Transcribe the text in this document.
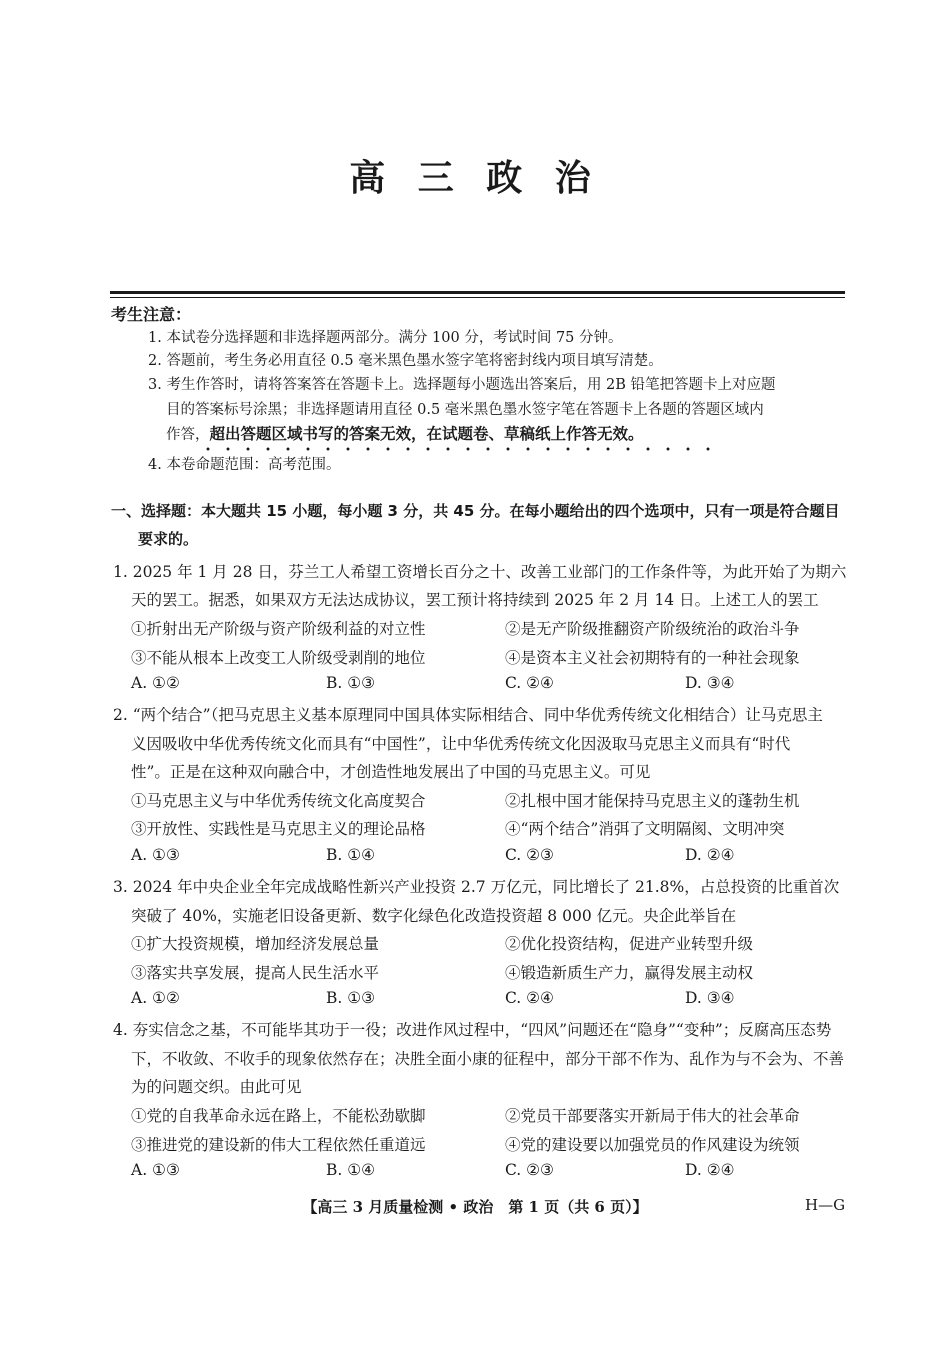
高 三 政 治
考生注意：
1. 本试卷分选择题和非选择题两部分。满分 100 分，考试时间 75 分钟。
2. 答题前，考生务必用直径 0.5 毫米黑色墨水签字笔将密封线内项目填写清楚。
3. 考生作答时，请将答案答在答题卡上。选择题每小题选出答案后，用 2B 铅笔把答题卡上对应题
目的答案标号涂黑；非选择题请用直径 0.5 毫米黑色墨水签字笔在答题卡上各题的答题区域内
作答，超出答题区域书写的答案无效，在试题卷、草稿纸上作答无效。
4. 本卷命题范围：高考范围。
一、选择题：本大题共 15 小题，每小题 3 分，共 45 分。在每小题给出的四个选项中，只有一项是符合题目
要求的。
1. 2025 年 1 月 28 日，芬兰工人希望工资增长百分之十、改善工业部门的工作条件等，为此开始了为期六
天的罢工。据悉，如果双方无法达成协议，罢工预计将持续到 2025 年 2 月 14 日。上述工人的罢工
①折射出无产阶级与资产阶级利益的对立性	②是无产阶级推翻资产阶级统治的政治斗争
③不能从根本上改变工人阶级受剥削的地位	④是资本主义社会初期特有的一种社会现象
A. ①②	B. ①③	C. ②④	D. ③④
2. “两个结合”（把马克思主义基本原理同中国具体实际相结合、同中华优秀传统文化相结合）让马克思主
义因吸收中华优秀传统文化而具有“中国性”，让中华优秀传统文化因汲取马克思主义而具有“时代
性”。正是在这种双向融合中，才创造性地发展出了中国的马克思主义。可见
①马克思主义与中华优秀传统文化高度契合	②扎根中国才能保持马克思主义的蓬勃生机
③开放性、实践性是马克思主义的理论品格	④“两个结合”消弭了文明隔阂、文明冲突
A. ①③	B. ①④	C. ②③	D. ②④
3. 2024 年中央企业全年完成战略性新兴产业投资 2.7 万亿元，同比增长了 21.8%，占总投资的比重首次
突破了 40%，实施老旧设备更新、数字化绿色化改造投资超 8 000 亿元。央企此举旨在
①扩大投资规模，增加经济发展总量	②优化投资结构，促进产业转型升级
③落实共享发展，提高人民生活水平	④锻造新质生产力，赢得发展主动权
A. ①②	B. ①③	C. ②④	D. ③④
4. 夯实信念之基，不可能毕其功于一役；改进作风过程中，“四风”问题还在“隐身”“变种”；反腐高压态势
下，不收敛、不收手的现象依然存在；决胜全面小康的征程中，部分干部不作为、乱作为与不会为、不善
为的问题交织。由此可见
①党的自我革命永远在路上，不能松劲歇脚	②党员干部要落实开新局于伟大的社会革命
③推进党的建设新的伟大工程依然任重道远	④党的建设要以加强党员的作风建设为统领
A. ①③	B. ①④	C. ②③	D. ②④
【高三 3 月质量检测 • 政治　第 1 页（共 6 页）】	H—G
